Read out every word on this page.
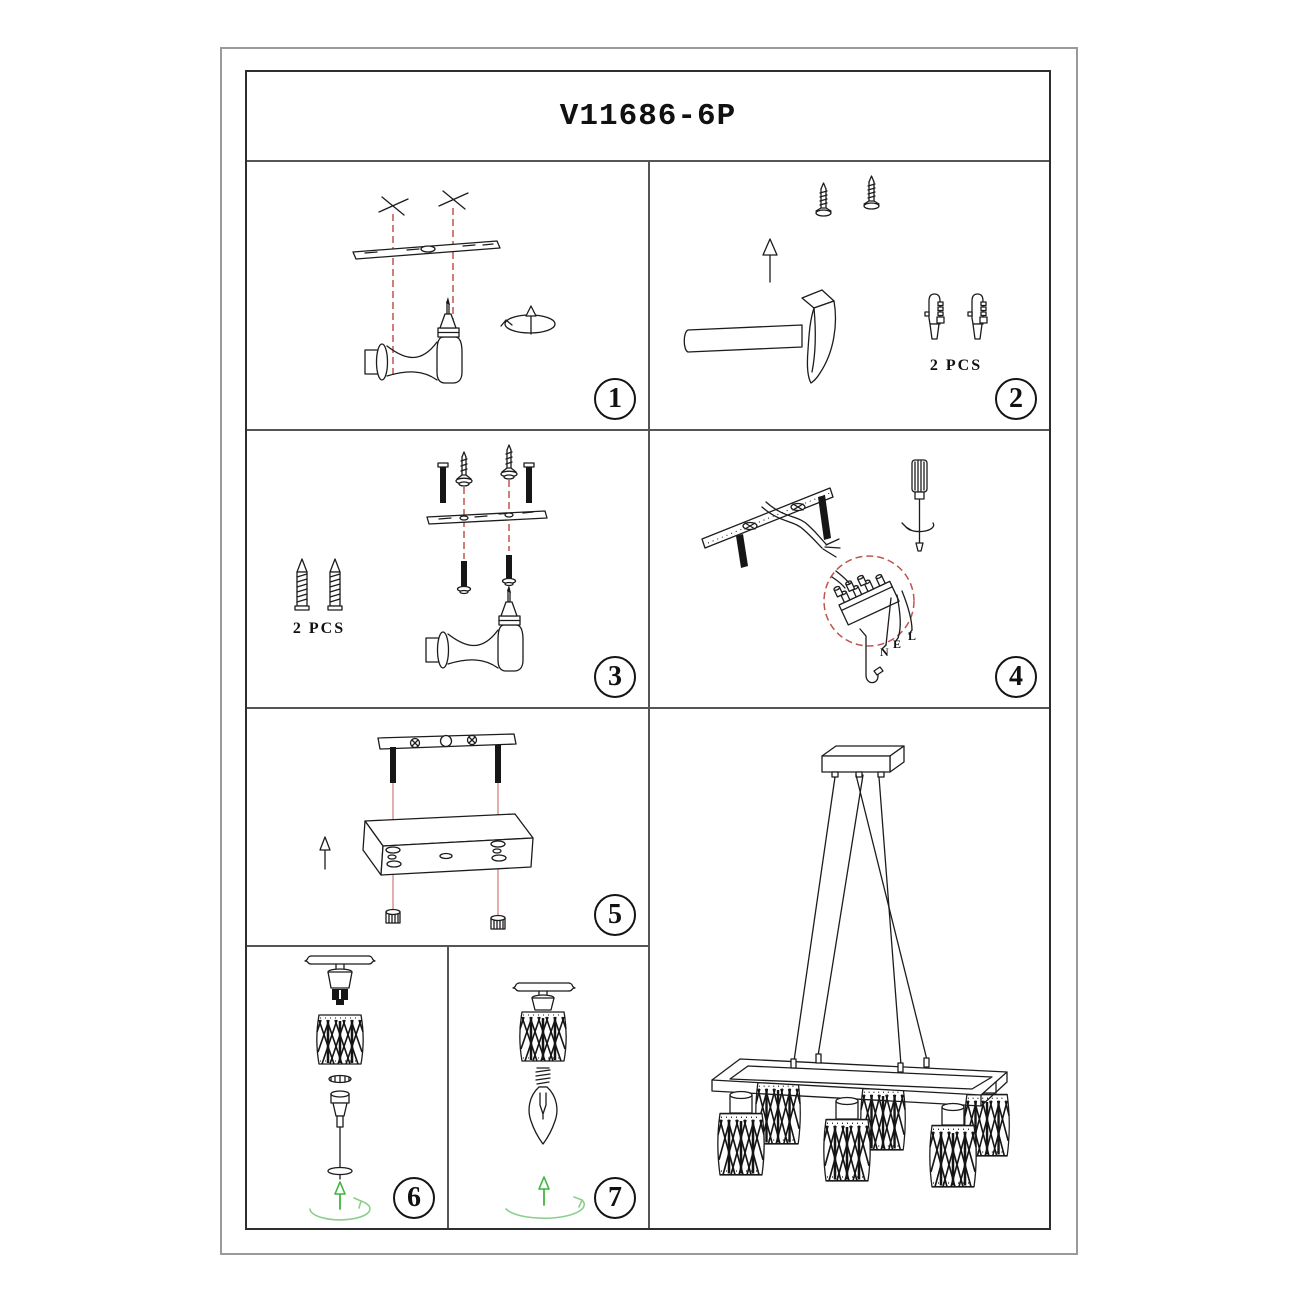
V11686-6P
1
2 PCS
2
2 PCS
3
N
E
L
4
5
6	7
